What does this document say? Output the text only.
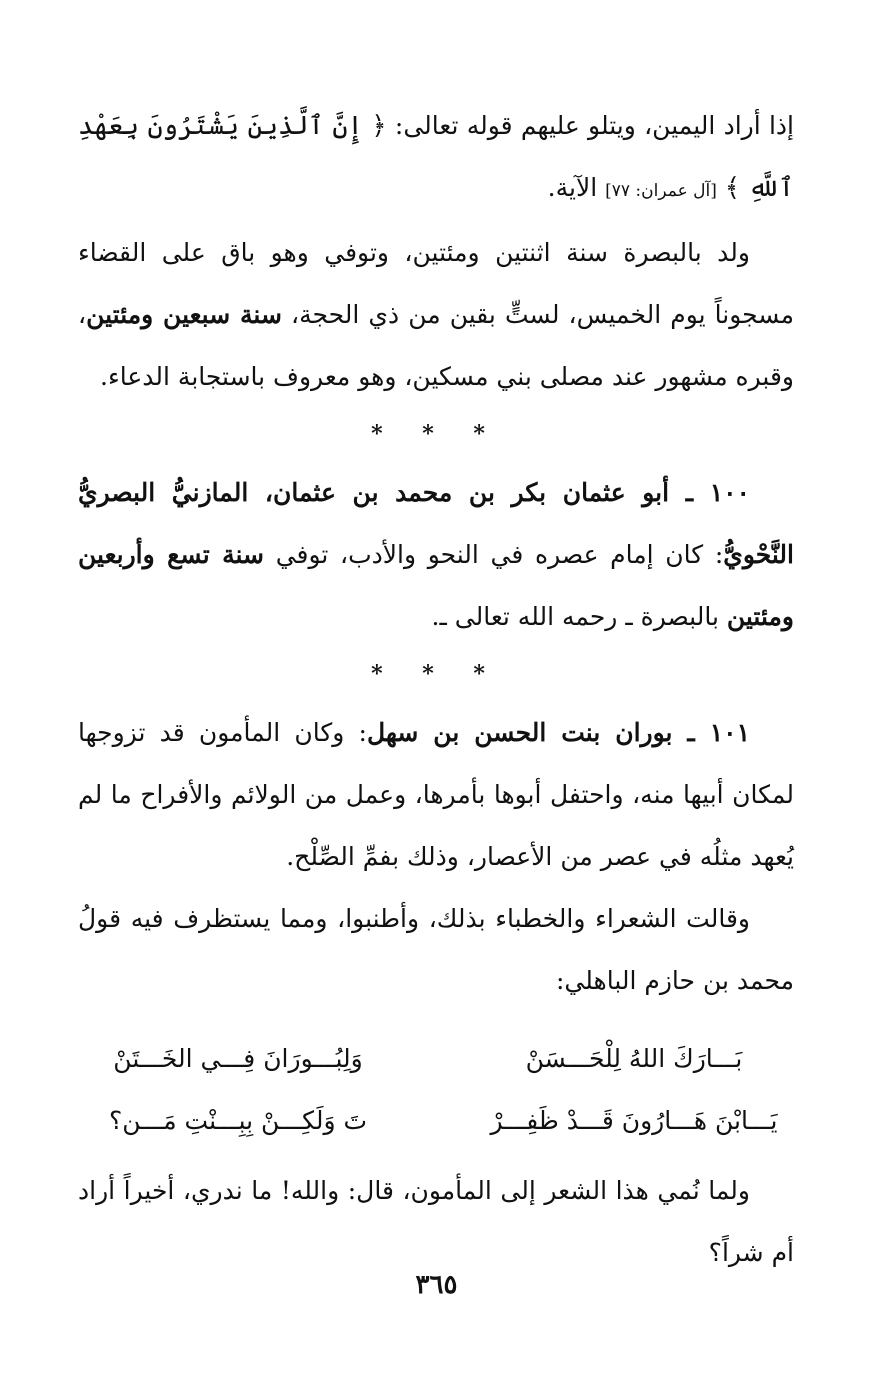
إذا أراد اليمين، ويتلو عليهم قوله تعالى: ﴿ إِنَّ ٱلَّذِينَ يَشْتَرُونَ بِعَهْدِ ٱللَّهِ ﴾ [آل عمران: ٧٧] الآية.

ولد بالبصرة سنة اثنتين ومئتين، وتوفي وهو باق على القضاء مسجوناً يوم الخميس، لستٍّ بقين من ذي الحجة، سنة سبعين ومئتين، وقبره مشهور عند مصلى بني مسكين، وهو معروف باستجابة الدعاء.

* * *

١٠٠ ـ أبو عثمان بكر بن محمد بن عثمان، المازنيُّ البصريُّ النَّحْويُّ: كان إمام عصره في النحو والأدب، توفي سنة تسع وأربعين ومئتين بالبصرة ـ رحمه الله تعالى ـ.

* * *

١٠١ ـ بوران بنت الحسن بن سهل: وكان المأمون قد تزوجها لمكان أبيها منه، واحتفل أبوها بأمرها، وعمل من الولائم والأفراح ما لم يُعهد مثلُه في عصر من الأعصار، وذلك بفمِّ الصِّلْح.

وقالت الشعراء والخطباء بذلك، وأطنبوا، ومما يستظرف فيه قولُ محمد بن حازم الباهلي:

بَـــارَكَ اللهُ لِلْحَـــسَنْ
وَلِبُـــورَانَ فِـــي الخَـــتَنْ
يَـــابْنَ هَـــارُونَ قَـــدْ ظَفِـــرْ
تَ وَلَكِـــنْ بِبِـــنْتِ مَـــن؟

ولما نُمي هذا الشعر إلى المأمون، قال: والله! ما ندري، أخيراً أراد أم شراً؟

٣٦٥
